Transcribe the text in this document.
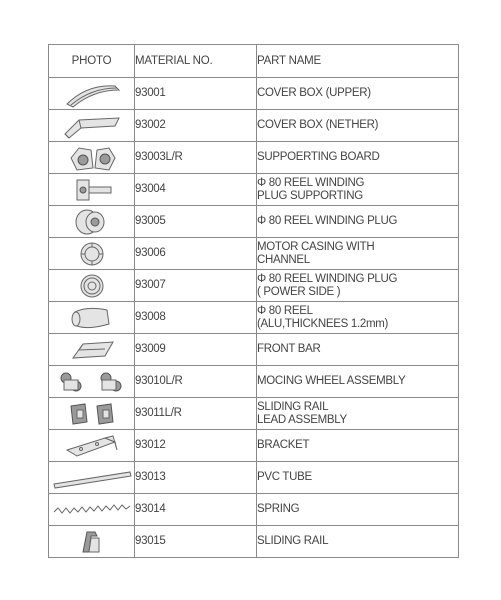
PHOTO	MATERIAL NO.	PART NAME

	93001	COVER BOX (UPPER)

	93002	COVER BOX (NETHER)

	93003L/R	SUPPOERTING BOARD

	93004	Φ 80 REEL WINDING
PLUG SUPPORTING

	93005	Φ 80 REEL WINDING PLUG

	93006	MOTOR CASING WITH
CHANNEL

	93007	Φ 80 REEL WINDING PLUG
( POWER SIDE )

	93008	Φ 80 REEL
(ALU,THICKNEES 1.2mm)

	93009	FRONT BAR

	93010L/R	MOCING WHEEL ASSEMBLY

	93011L/R	SLIDING RAIL
LEAD ASSEMBLY

	93012	BRACKET

	93013	PVC TUBE

	93014	SPRING

	93015	SLIDING RAIL
